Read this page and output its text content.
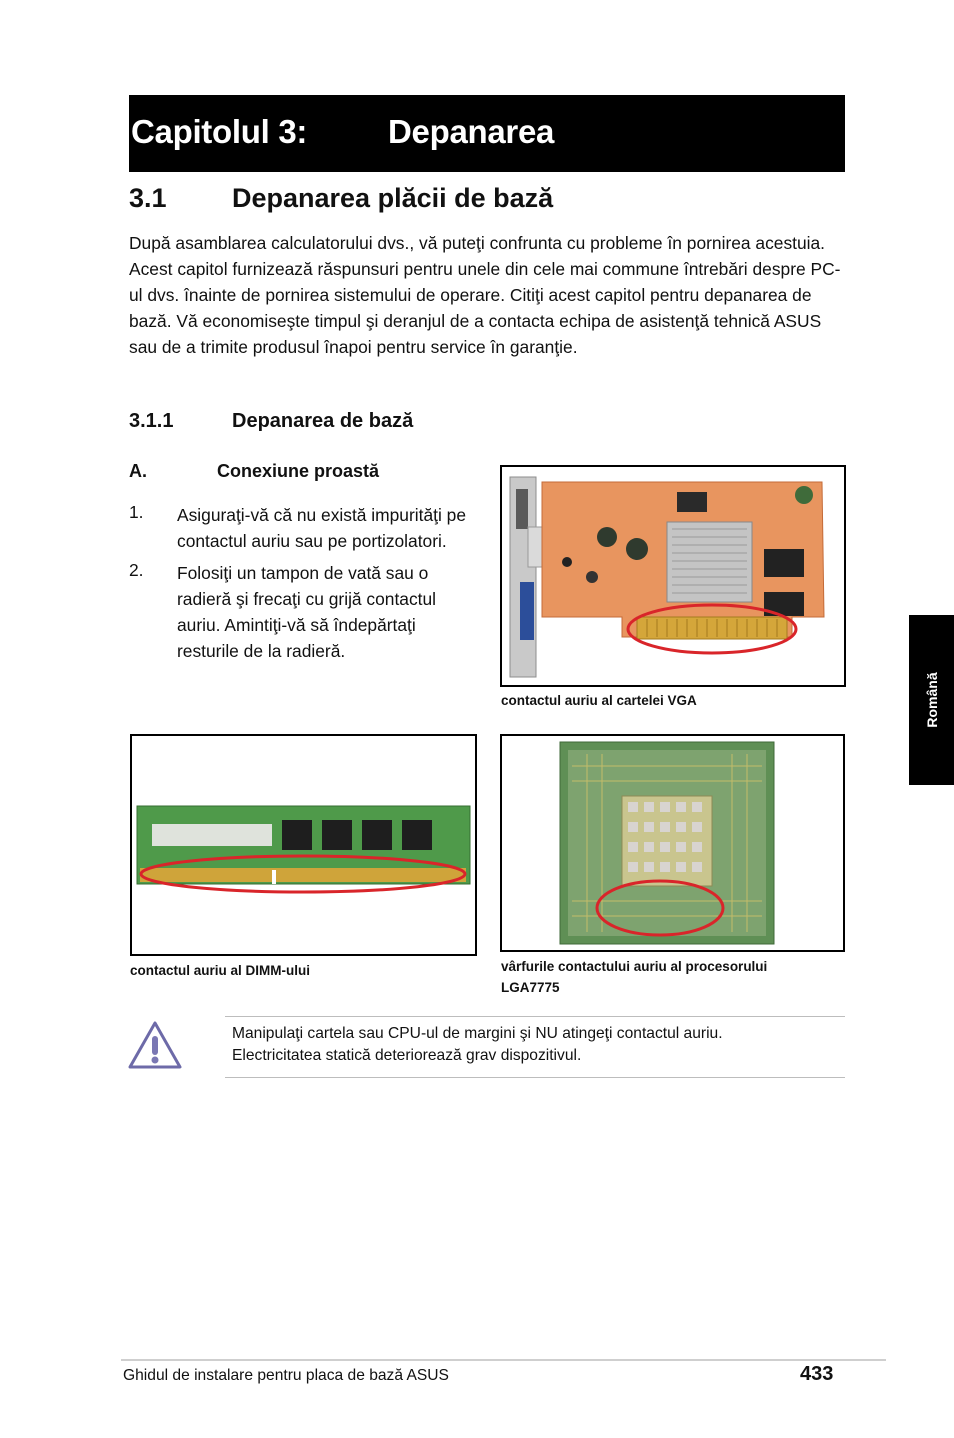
Capitolul 3: Depanarea
3.1 Depanarea plăcii de bază
După asamblarea calculatorului dvs., vă puteţi confrunta cu probleme în pornirea acestuia. Acest capitol furnizează răspunsuri pentru unele din cele mai commune întrebări despre PC-ul dvs. înainte de pornirea sistemului de operare. Citiţi acest capitol pentru depanarea de bază. Vă economiseşte timpul şi deranjul de a contacta echipa de asistenţă tehnică ASUS sau de a trimite produsul înapoi pentru service în garanţie.
3.1.1	Depanarea de bază
A.	Conexiune proastă
1. Asiguraţi-vă că nu există impurităţi pe contactul auriu sau pe portizolatori.
2. Folosiţi un tampon de vată sau o radieră şi frecaţi cu grijă contactul auriu. Amintiţi-vă să îndepărtaţi resturile de la radieră.
contactul auriu al cartelei VGA
contactul auriu al DIMM-ului	vârfurile contactului auriu al procesorului
LGA7775
Manipulaţi cartela sau CPU-ul de margini şi NU atingeţi contactul auriu.
Electricitatea statică deteriorează grav dispozitivul.
Română
Ghidul de instalare pentru placa de bază ASUS	433
